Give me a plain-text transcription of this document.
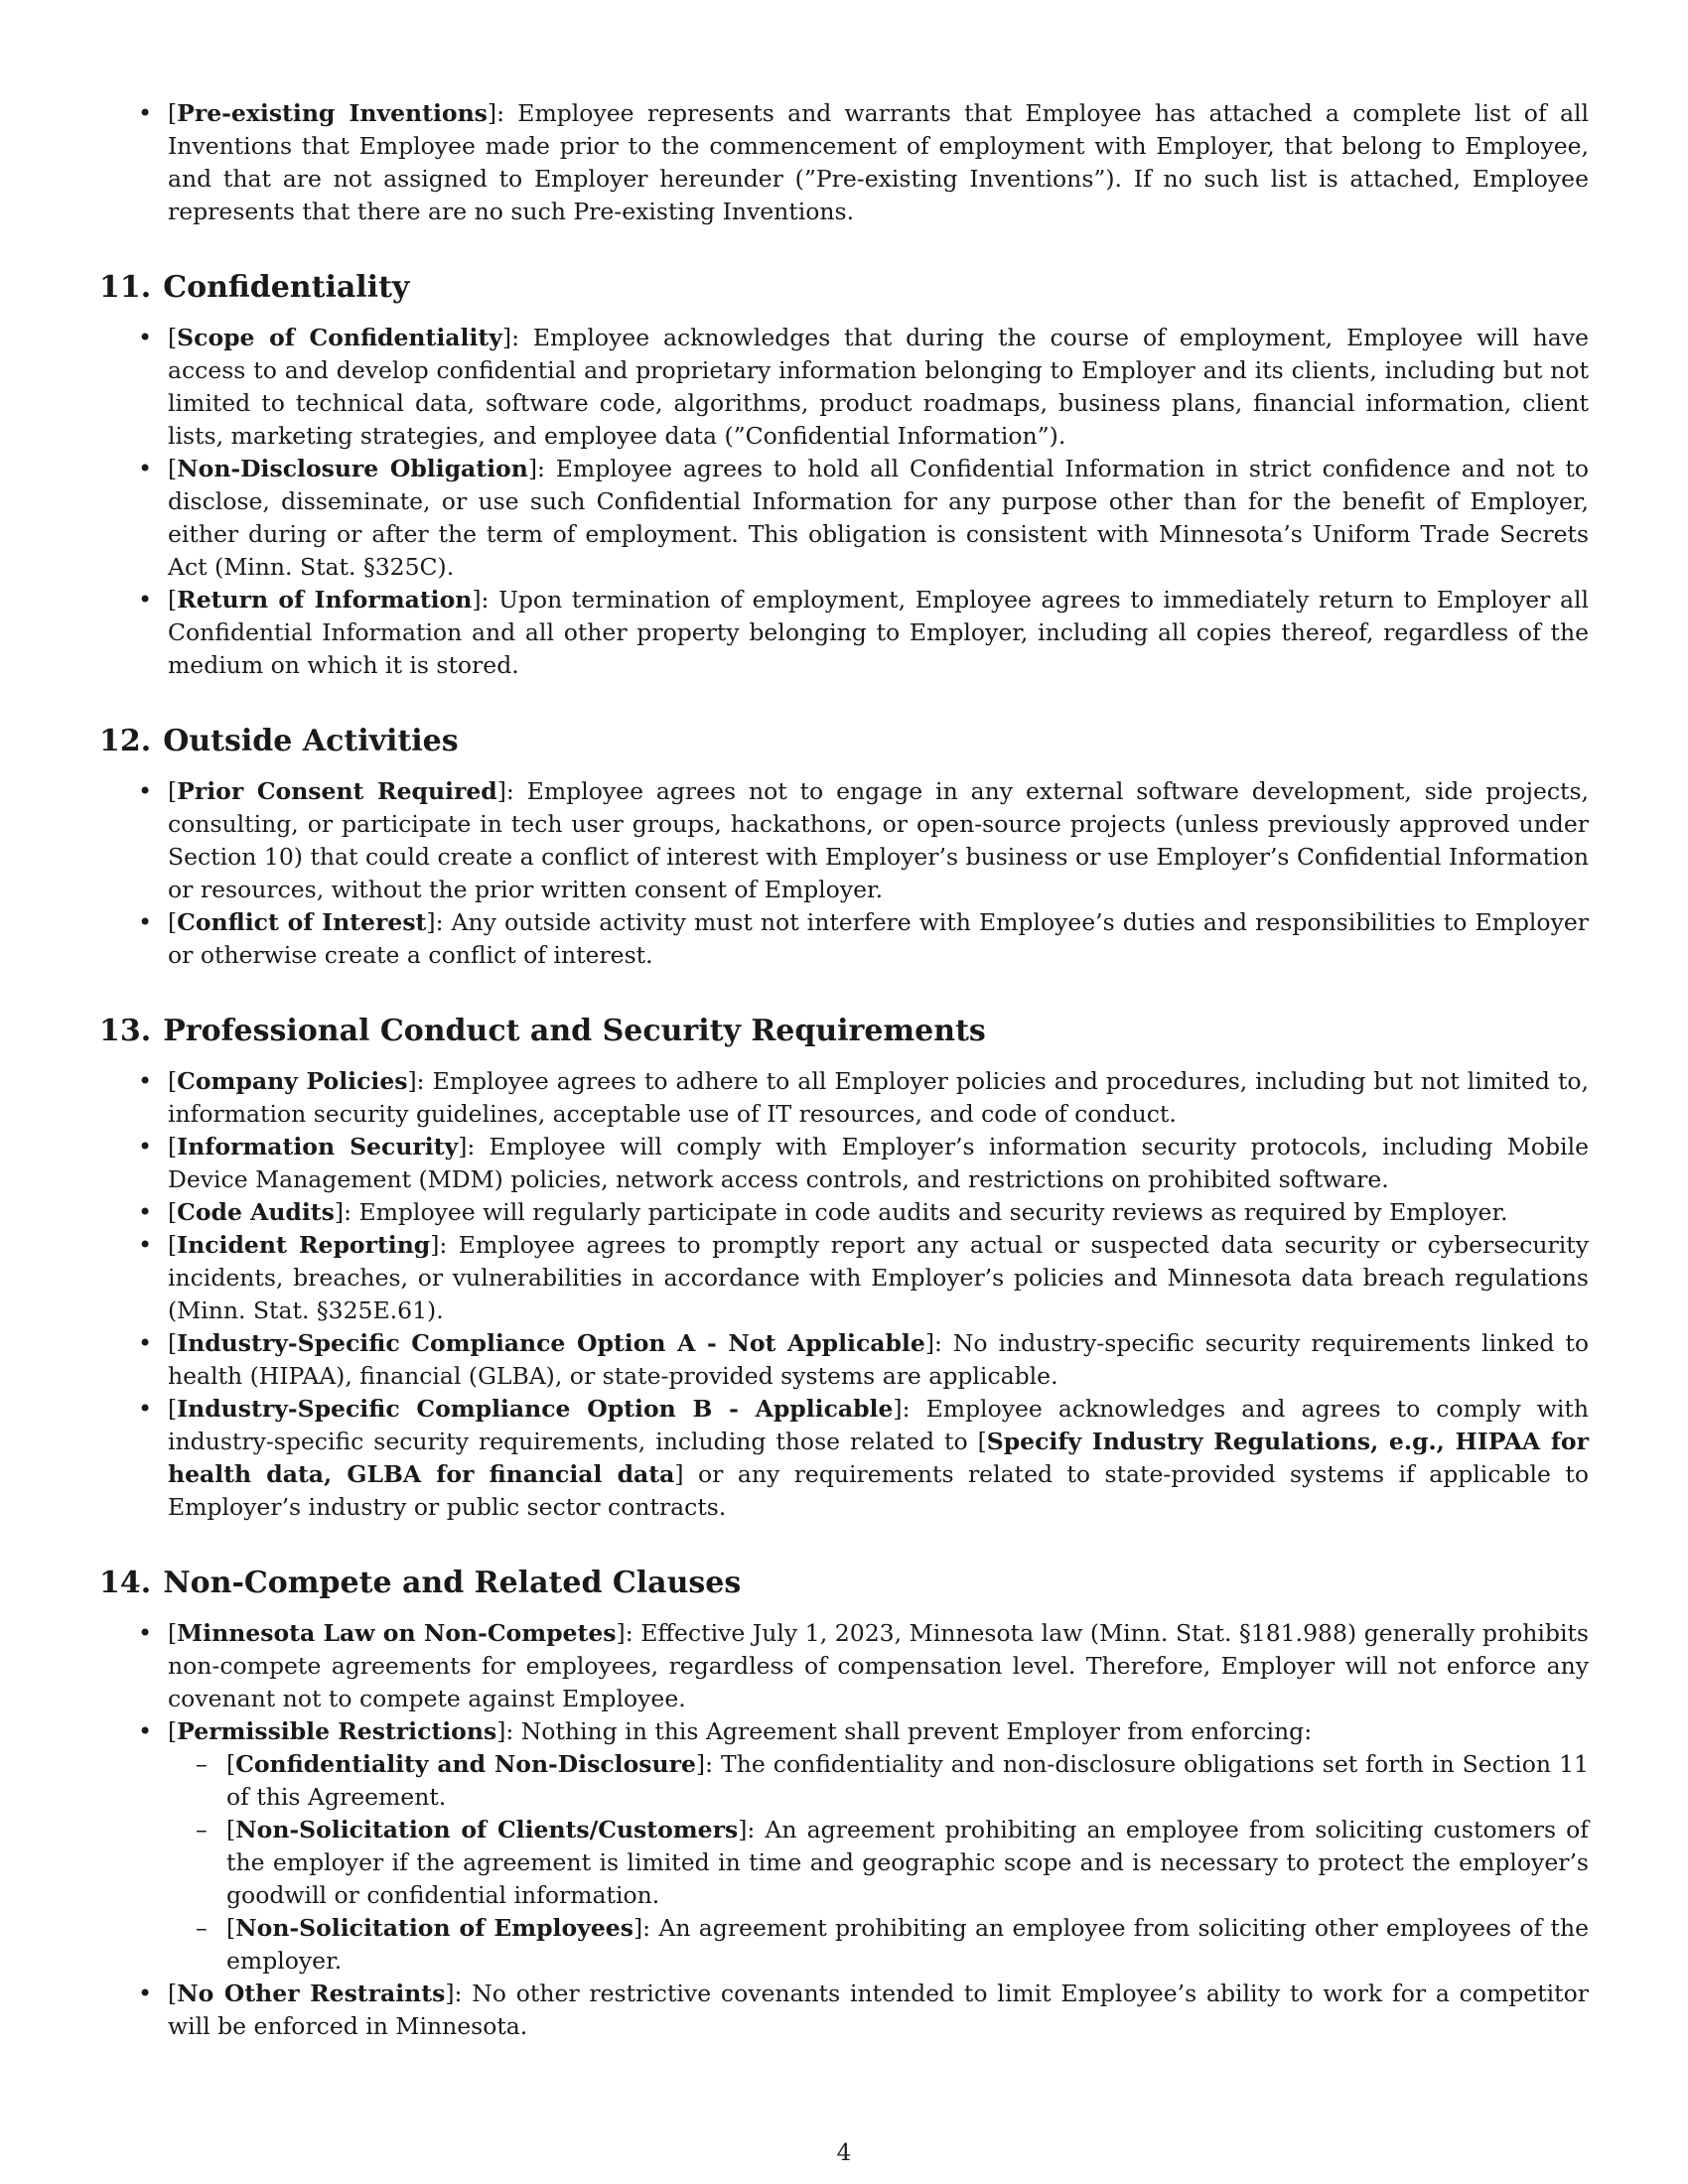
• [Pre-existing Inventions]: Employee represents and warrants that Employee has attached a complete list of all Inventions that Employee made prior to the commencement of employment with Employer, that belong to Employee, and that are not assigned to Employer hereunder (”Pre-existing Inventions”). If no such list is attached, Employee represents that there are no such Pre-existing Inventions.
11. Confidentiality
• [Scope of Confidentiality]: Employee acknowledges that during the course of employment, Employee will have access to and develop confidential and proprietary information belonging to Employer and its clients, including but not limited to technical data, software code, algorithms, product roadmaps, business plans, financial information, client lists, marketing strategies, and employee data (”Confidential Information”).
• [Non-Disclosure Obligation]: Employee agrees to hold all Confidential Information in strict confidence and not to disclose, disseminate, or use such Confidential Information for any purpose other than for the benefit of Employer, either during or after the term of employment. This obligation is consistent with Minnesota’s Uniform Trade Secrets Act (Minn. Stat. §325C).
• [Return of Information]: Upon termination of employment, Employee agrees to immediately return to Employer all Confidential Information and all other property belonging to Employer, including all copies thereof, regardless of the medium on which it is stored.
12. Outside Activities
• [Prior Consent Required]: Employee agrees not to engage in any external software development, side projects, consulting, or participate in tech user groups, hackathons, or open-source projects (unless previously approved under Section 10) that could create a conflict of interest with Employer’s business or use Employer’s Confidential Information or resources, without the prior written consent of Employer.
• [Conflict of Interest]: Any outside activity must not interfere with Employee’s duties and responsibilities to Employer or otherwise create a conflict of interest.
13. Professional Conduct and Security Requirements
• [Company Policies]: Employee agrees to adhere to all Employer policies and procedures, including but not limited to, information security guidelines, acceptable use of IT resources, and code of conduct.
• [Information Security]: Employee will comply with Employer’s information security protocols, including Mobile Device Management (MDM) policies, network access controls, and restrictions on prohibited software.
• [Code Audits]: Employee will regularly participate in code audits and security reviews as required by Employer.
• [Incident Reporting]: Employee agrees to promptly report any actual or suspected data security or cybersecurity incidents, breaches, or vulnerabilities in accordance with Employer’s policies and Minnesota data breach regulations (Minn. Stat. §325E.61).
• [Industry-Specific Compliance Option A - Not Applicable]: No industry-specific security requirements linked to health (HIPAA), financial (GLBA), or state-provided systems are applicable.
• [Industry-Specific Compliance Option B - Applicable]: Employee acknowledges and agrees to comply with industry-specific security requirements, including those related to [Specify Industry Regulations, e.g., HIPAA for health data, GLBA for financial data] or any requirements related to state-provided systems if applicable to Employer’s industry or public sector contracts.
14. Non-Compete and Related Clauses
• [Minnesota Law on Non-Competes]: Effective July 1, 2023, Minnesota law (Minn. Stat. §181.988) generally prohibits non-compete agreements for employees, regardless of compensation level. Therefore, Employer will not enforce any covenant not to compete against Employee.
• [Permissible Restrictions]: Nothing in this Agreement shall prevent Employer from enforcing:
– [Confidentiality and Non-Disclosure]: The confidentiality and non-disclosure obligations set forth in Section 11 of this Agreement.
– [Non-Solicitation of Clients/Customers]: An agreement prohibiting an employee from soliciting customers of the employer if the agreement is limited in time and geographic scope and is necessary to protect the employer’s goodwill or confidential information.
– [Non-Solicitation of Employees]: An agreement prohibiting an employee from soliciting other employees of the employer.
• [No Other Restraints]: No other restrictive covenants intended to limit Employee’s ability to work for a competitor will be enforced in Minnesota.
4
